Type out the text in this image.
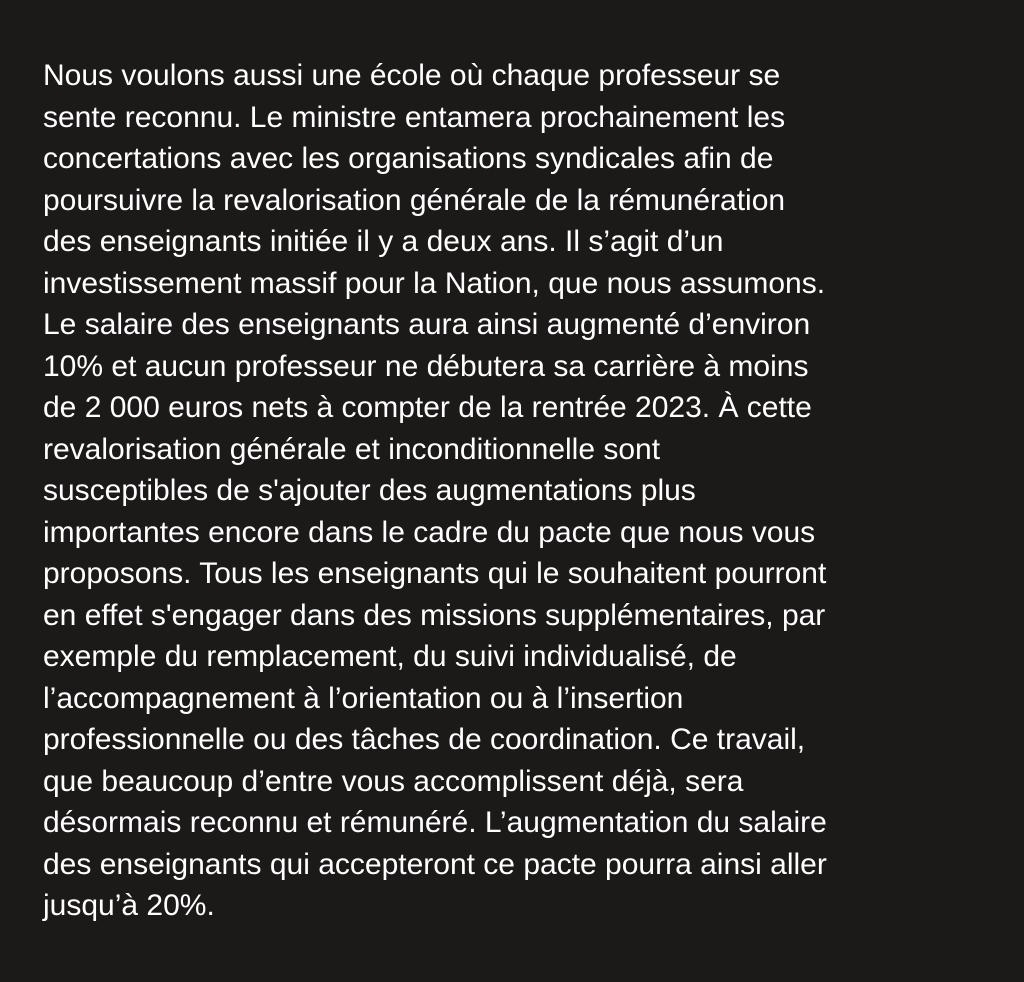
Nous voulons aussi une école où chaque professeur se
sente reconnu. Le ministre entamera prochainement les
concertations avec les organisations syndicales afin de
poursuivre la revalorisation générale de la rémunération
des enseignants initiée il y a deux ans. Il s’agit d’un
investissement massif pour la Nation, que nous assumons.
Le salaire des enseignants aura ainsi augmenté d’environ
10% et aucun professeur ne débutera sa carrière à moins
de 2 000 euros nets à compter de la rentrée 2023. À cette
revalorisation générale et inconditionnelle sont
susceptibles de s'ajouter des augmentations plus
importantes encore dans le cadre du pacte que nous vous
proposons. Tous les enseignants qui le souhaitent pourront
en effet s'engager dans des missions supplémentaires, par
exemple du remplacement, du suivi individualisé, de
l’accompagnement à l’orientation ou à l’insertion
professionnelle ou des tâches de coordination. Ce travail,
que beaucoup d’entre vous accomplissent déjà, sera
désormais reconnu et rémunéré. L’augmentation du salaire
des enseignants qui accepteront ce pacte pourra ainsi aller
jusqu’à 20%.
